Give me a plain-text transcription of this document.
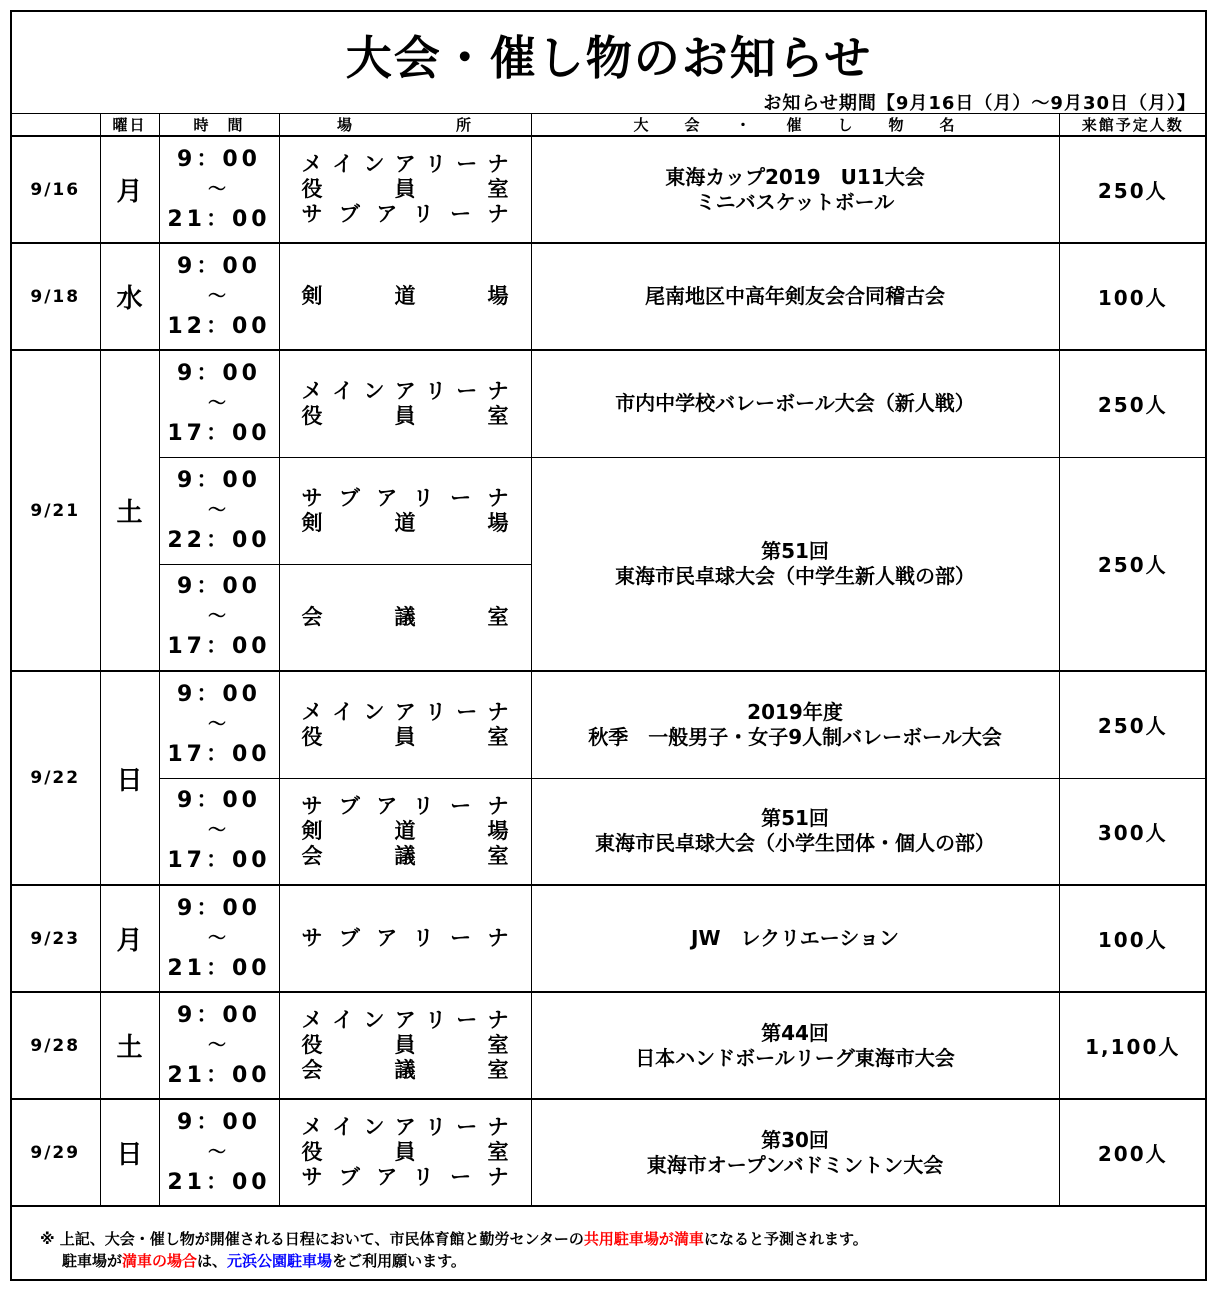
大会・催し物のお知らせ
お知らせ期間【9月16日（月）～9月30日（月）】
	曜日	時　間	場　　　　　　所	大　　会　　・　　催　　し　　物　　名	来館予定人数
9/16	月	9：00
～
21：00	メインアリーナ
役員室
サブアリーナ	東海カップ2019　U11大会
ミニバスケットボール	250人
9/18	水	9：00
～
12：00	剣道場	尾南地区中高年剣友会合同稽古会	100人
9/21	土	9：00
～
17：00	メインアリーナ
役員室	市内中学校バレーボール大会（新人戦）	250人

		9：00
～
22：00	サブアリーナ
剣道場	第51回
東海市民卓球大会（中学生新人戦の部）	250人

		9：00
～
17：00	会議室		

9/22	日	9：00
～
17：00	メインアリーナ
役員室	2019年度
秋季　一般男子・女子9人制バレーボール大会	250人

		9：00
～
17：00	サブアリーナ
剣道場
会議室	第51回
東海市民卓球大会（小学生団体・個人の部）	300人
9/23	月	9：00
～
21：00	サブアリーナ	JW　レクリエーション	100人
9/28	土	9：00
～
21：00	メインアリーナ
役員室
会議室	第44回
日本ハンドボールリーグ東海市大会	1,100人
9/29	日	9：00
～
21：00	メインアリーナ
役員室
サブアリーナ	第30回
東海市オープンバドミントン大会	200人
※ 上記、大会・催し物が開催される日程において、市民体育館と勤労センターの共用駐車場が満車になると予測されます。
駐車場が満車の場合は、元浜公園駐車場をご利用願います。
